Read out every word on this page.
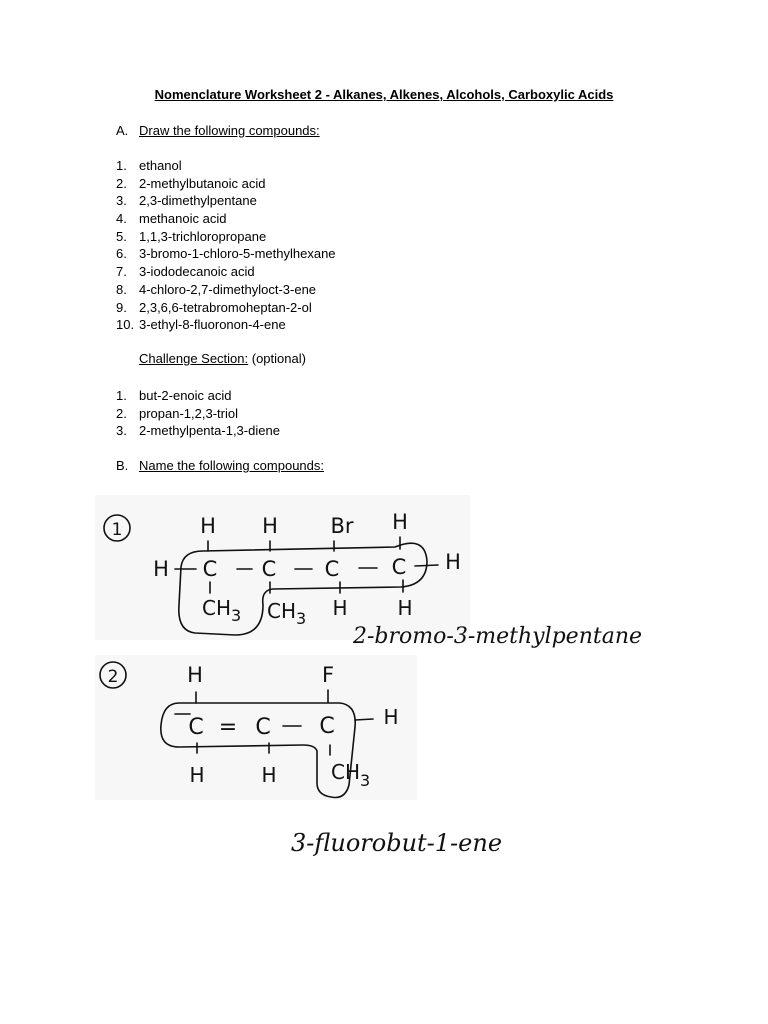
Nomenclature Worksheet 2 - Alkanes, Alkenes, Alcohols, Carboxylic Acids
A. Draw the following compounds:
1. ethanol
2. 2-methylbutanoic acid
3. 2,3-dimethylpentane
4. methanoic acid
5. 1,1,3-trichloropropane
6. 3-bromo-1-chloro-5-methylhexane
7. 3-iododecanoic acid
8. 4-chloro-2,7-dimethyloct-3-ene
9. 2,3,6,6-tetrabromoheptan-2-ol
10. 3-ethyl-8-fluoronon-4-ene
Challenge Section: (optional)
1. but-2-enoic acid
2. propan-1,2,3-triol
3. 2-methylpenta-1,3-diene
B. Name the following compounds:
1	H H	Br H
H C C C C H
$CH_3$ $CH_3$ H H
2-bromo-3-methylpentane
2	H	F
C = C C H
H	H	$CH_3$
3-fluorobut-1-ene
